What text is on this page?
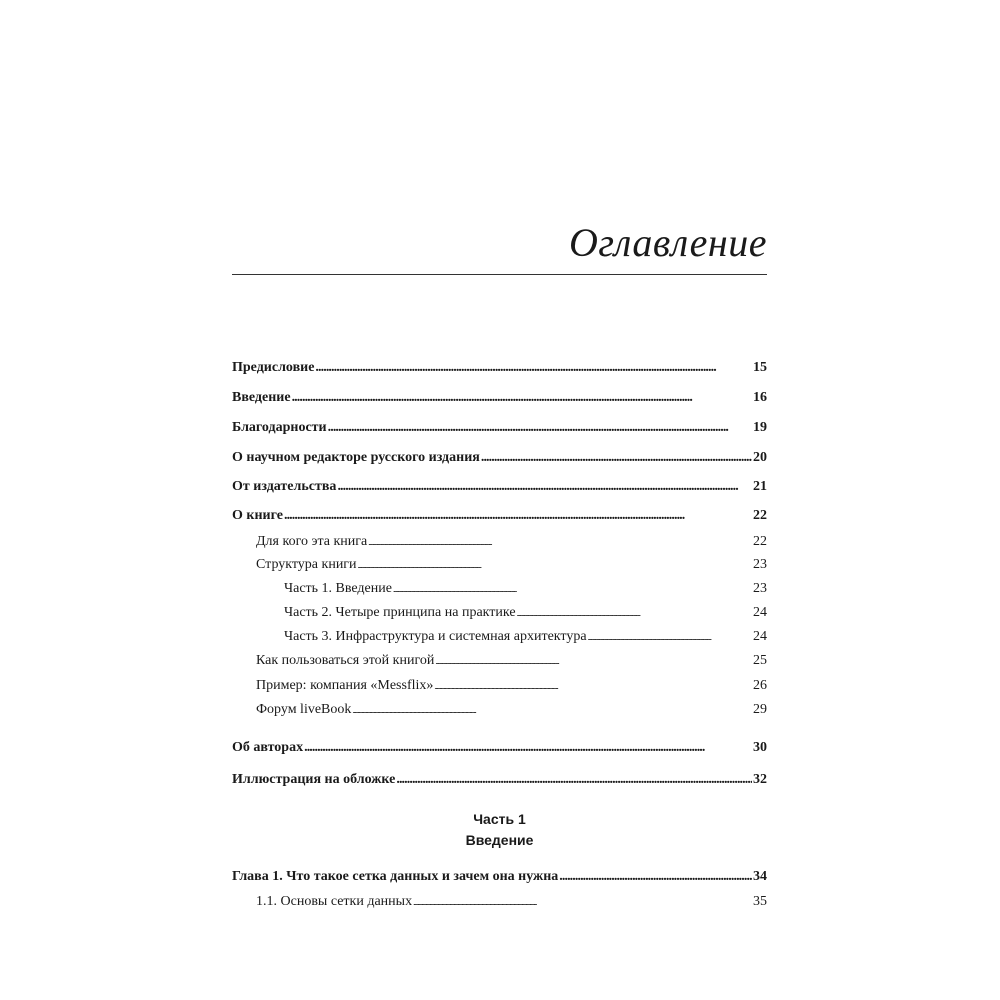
Оглавление
Предисловие . . .	15
Введение . . .	16
Благодарности . . .	19
О научном редакторе русского издания . . .	20
От издательства . . .	21
О книге . . .	22
Для кого эта книга . . .	22
Структура книги . . .	23
Часть 1. Введение . . .	23
Часть 2. Четыре принципа на практике . . .	24
Часть 3. Инфраструктура и системная архитектура . . .	24
Как пользоваться этой книгой . . .	25
Пример: компания «Messflix» . . .	26
Форум liveBook . . .	29
Об авторах . . .	30
Иллюстрация на обложке . . .	32
Часть 1
Введение
Глава 1. Что такое сетка данных и зачем она нужна . . .	34
1.1. Основы сетки данных . . .	35
